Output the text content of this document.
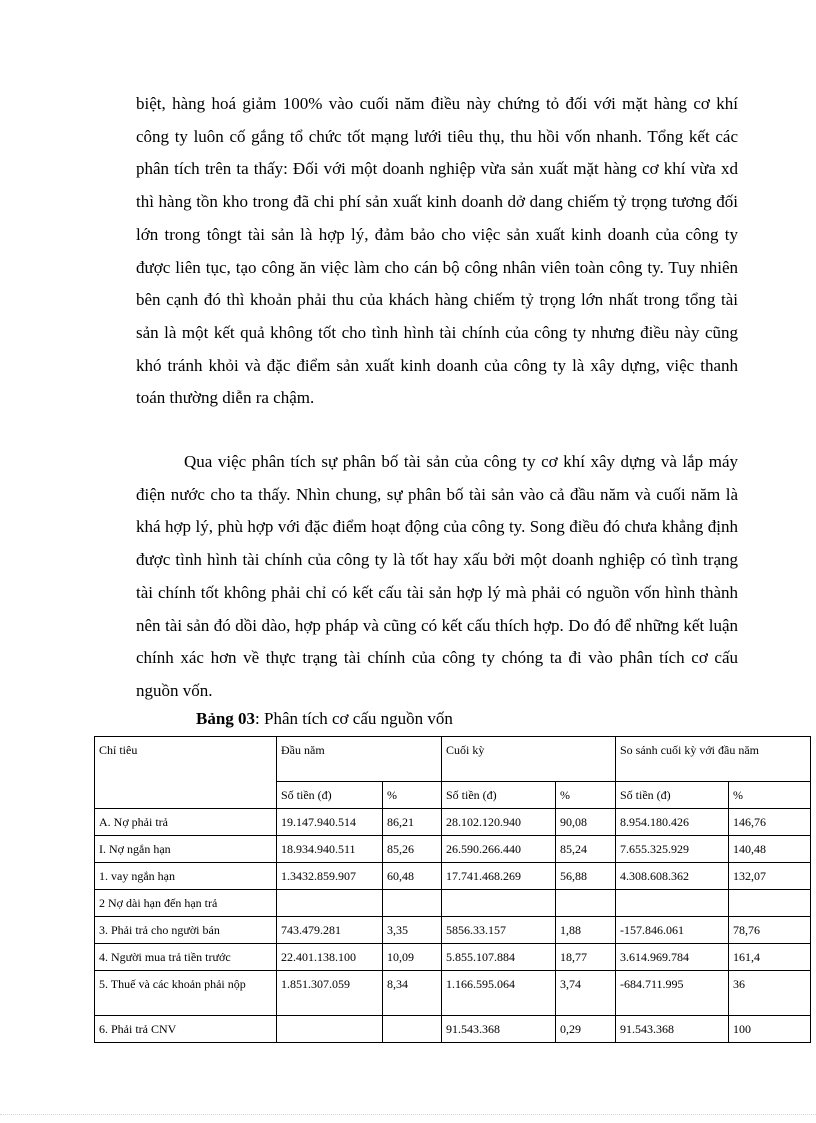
biệt, hàng hoá giảm 100% vào cuối năm điều này chứng tỏ đối với mặt hàng cơ khí công ty luôn cố gắng tổ chức tốt mạng lưới tiêu thụ, thu hồi vốn nhanh. Tổng kết các phân tích trên ta thấy: Đối với một doanh nghiệp vừa sản xuất mặt hàng cơ khí vừa xd thì hàng tồn kho trong đã chi phí sản xuất kinh doanh dở dang chiếm tỷ trọng tương đối lớn trong tôngt tài sản là hợp lý, đảm bảo cho việc sản xuất kinh doanh của công ty được liên tục, tạo công ăn việc làm cho cán bộ công nhân viên toàn công ty. Tuy nhiên bên cạnh đó thì khoản phải thu của khách hàng chiếm tỷ trọng lớn nhất trong tổng tài sản là một kết quả không tốt cho tình hình tài chính của công ty nhưng điều này cũng khó tránh khỏi và đặc điểm sản xuất kinh doanh của công ty là xây dựng, việc thanh toán thường diễn ra chậm.

Qua việc phân tích sự phân bố tài sản của công ty cơ khí xây dựng và lắp máy điện nước cho ta thấy. Nhìn chung, sự phân bố tài sản vào cả đầu năm và cuối năm là khá hợp lý, phù hợp với đặc điểm hoạt động của công ty. Song điều đó chưa khẳng định được tình hình tài chính của công ty là tốt hay xấu bởi một doanh nghiệp có tình trạng tài chính tốt không phải chỉ có kết cấu tài sản hợp lý mà phải có nguồn vốn hình thành nên tài sản đó dồi dào, hợp pháp và cũng có kết cấu thích hợp. Do đó để những kết luận chính xác hơn về thực trạng tài chính của công ty chóng ta đi vào phân tích cơ cấu nguồn vốn.

Bảng 03: Phân tích cơ cấu nguồn vốn
Chỉ tiêu	Đầu năm		Cuối kỳ		So sánh cuối kỳ với đầu năm	
	Số tiền (đ)	%	Số tiền (đ)	%	Số tiền (đ)	%
A. Nợ phải trả	19.147.940.514	86,21	28.102.120.940	90,08	8.954.180.426	146,76
I. Nợ ngắn hạn	18.934.940.511	85,26	26.590.266.440	85,24	7.655.325.929	140,48
1. vay ngắn hạn	1.3432.859.907	60,48	17.741.468.269	56,88	4.308.608.362	132,07
2 Nợ dài hạn đến hạn trả						
3. Phải trả cho người bán	743.479.281	3,35	5856.33.157	1,88	-157.846.061	78,76
4. Người mua trả tiền trước	22.401.138.100	10,09	5.855.107.884	18,77	3.614.969.784	161,4
5. Thuế và các khoản phải nộp	1.851.307.059	8,34	1.166.595.064	3,74	-684.711.995	36
6. Phải trả CNV			91.543.368	0,29	91.543.368	100
